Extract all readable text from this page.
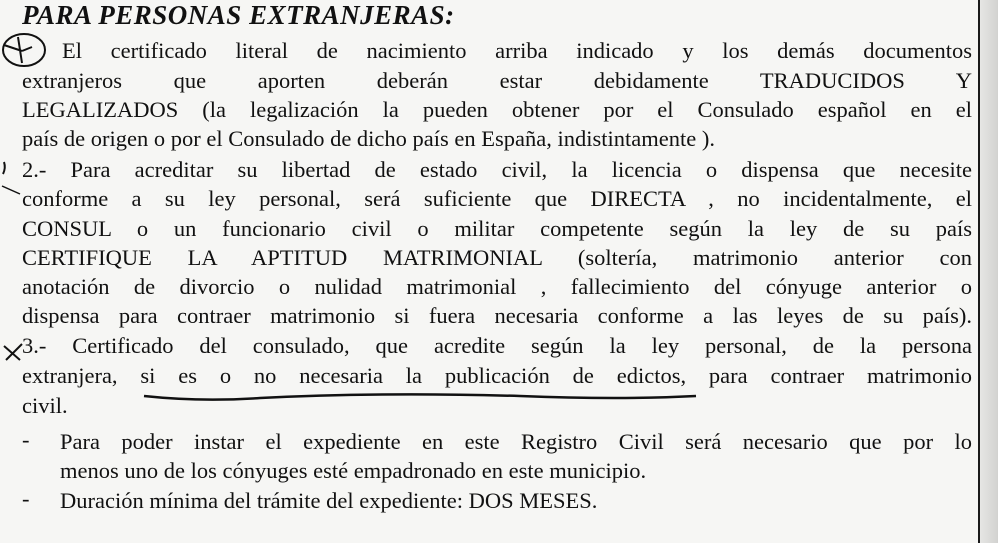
PARA PERSONAS EXTRANJERAS:
El certificado literal de nacimiento arriba indicado y los demás documentos
extranjeros que aporten deberán estar debidamente TRADUCIDOS Y
LEGALIZADOS (la legalización la pueden obtener por el Consulado español en el
país de origen o por el Consulado de dicho país en España, indistintamente ).
2.- Para acreditar su libertad de estado civil, la licencia o dispensa que necesite
conforme a su ley personal, será suficiente que DIRECTA , no incidentalmente, el
CONSUL o un funcionario civil o militar competente según la ley de su país
CERTIFIQUE LA APTITUD MATRIMONIAL (soltería, matrimonio anterior con
anotación de divorcio o nulidad matrimonial , fallecimiento del cónyuge anterior o
dispensa para contraer matrimonio si fuera necesaria conforme a las leyes de su país).
3.- Certificado del consulado, que acredite según la ley personal, de la persona
extranjera, si es o no necesaria la publicación de edictos, para contraer matrimonio
civil.
- Para poder instar el expediente en este Registro Civil será necesario que por lo
menos uno de los cónyuges esté empadronado en este municipio.
- Duración mínima del trámite del expediente: DOS MESES.
